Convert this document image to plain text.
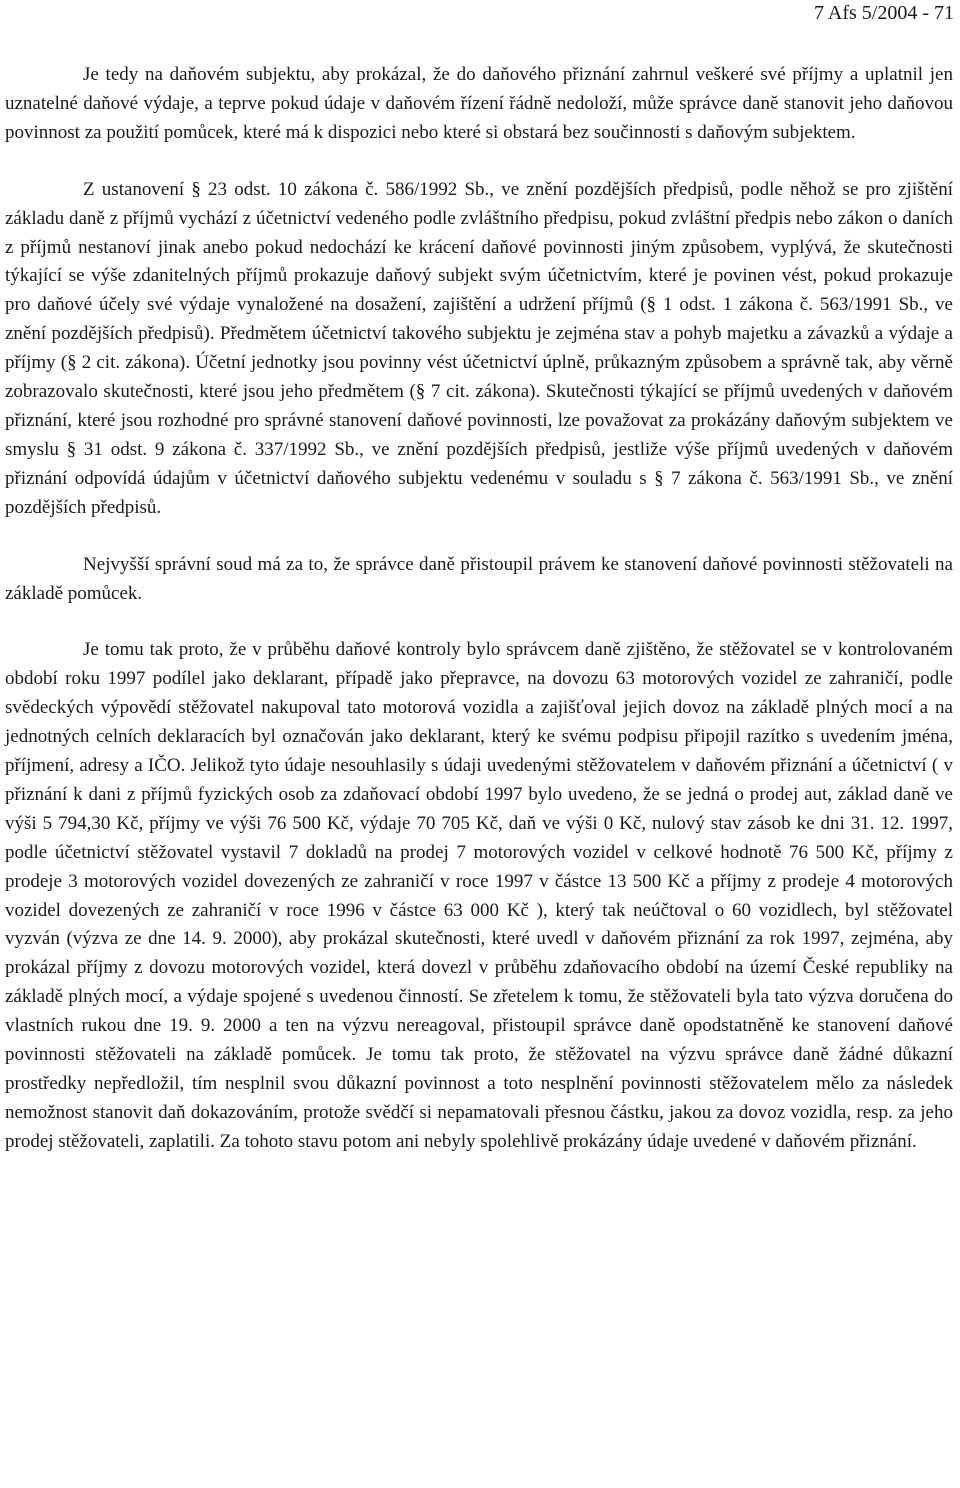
7 Afs 5/2004 - 71

Je tedy na daňovém subjektu, aby prokázal, že do daňového přiznání zahrnul veškeré své příjmy a uplatnil jen uznatelné daňové výdaje, a teprve pokud údaje v daňovém řízení řádně nedoloží, může správce daně stanovit jeho daňovou povinnost za použití pomůcek, které má k dispozici nebo které si obstará bez součinnosti s daňovým subjektem.

Z ustanovení § 23 odst. 10 zákona č. 586/1992 Sb., ve znění pozdějších předpisů, podle něhož se pro zjištění základu daně z příjmů vychází z účetnictví vedeného podle zvláštního předpisu, pokud zvláštní předpis nebo zákon o daních z příjmů nestanoví jinak anebo pokud nedochází ke krácení daňové povinnosti jiným způsobem, vyplývá, že skutečnosti týkající se výše zdanitelných příjmů prokazuje daňový subjekt svým účetnictvím, které je povinen vést, pokud prokazuje pro daňové účely své výdaje vynaložené na dosažení, zajištění a udržení příjmů (§ 1 odst. 1 zákona č. 563/1991 Sb., ve znění pozdějších předpisů). Předmětem účetnictví takového subjektu je zejména stav a pohyb majetku a závazků a výdaje a příjmy (§ 2 cit. zákona). Účetní jednotky jsou povinny vést účetnictví úplně, průkazným způsobem a správně tak, aby věrně zobrazovalo skutečnosti, které jsou jeho předmětem (§ 7 cit. zákona). Skutečnosti týkající se příjmů uvedených v daňovém přiznání, které jsou rozhodné pro správné stanovení daňové povinnosti, lze považovat za prokázány daňovým subjektem ve smyslu § 31 odst. 9 zákona č. 337/1992 Sb., ve znění pozdějších předpisů, jestliže výše příjmů uvedených v daňovém přiznání odpovídá údajům v účetnictví daňového subjektu vedenému v souladu s § 7 zákona č. 563/1991 Sb., ve znění pozdějších předpisů.

Nejvyšší správní soud má za to, že správce daně přistoupil právem ke stanovení daňové povinnosti stěžovateli na základě pomůcek.

Je tomu tak proto, že v průběhu daňové kontroly bylo správcem daně zjištěno, že stěžovatel se v kontrolovaném období roku 1997 podílel jako deklarant, případě jako přepravce, na dovozu 63 motorových vozidel ze zahraničí, podle svědeckých výpovědí stěžovatel nakupoval tato motorová vozidla a zajišťoval jejich dovoz na základě plných mocí a na jednotných celních deklaracích byl označován jako deklarant, který ke svému podpisu připojil razítko s uvedením jména, příjmení, adresy a IČO. Jelikož tyto údaje nesouhlasily s údaji uvedenými stěžovatelem v daňovém přiznání a účetnictví ( v přiznání k dani z příjmů fyzických osob za zdaňovací období 1997 bylo uvedeno, že se jedná o prodej aut, základ daně ve výši 5 794,30 Kč, příjmy ve výši 76 500 Kč, výdaje 70 705 Kč, daň ve výši 0 Kč, nulový stav zásob ke dni 31. 12. 1997, podle účetnictví stěžovatel vystavil 7 dokladů na prodej 7 motorových vozidel v celkové hodnotě 76 500 Kč, příjmy z prodeje 3 motorových vozidel dovezených ze zahraničí v roce 1997 v částce 13 500 Kč a příjmy z prodeje 4 motorových vozidel dovezených ze zahraničí v roce 1996 v částce 63 000 Kč ), který tak neúčtoval o 60 vozidlech, byl stěžovatel vyzván (výzva ze dne 14. 9. 2000), aby prokázal skutečnosti, které uvedl v daňovém přiznání za rok 1997, zejména, aby prokázal příjmy z dovozu motorových vozidel, která dovezl v průběhu zdaňovacího období na území České republiky na základě plných mocí, a výdaje spojené s uvedenou činností. Se zřetelem k tomu, že stěžovateli byla tato výzva doručena do vlastních rukou dne 19. 9. 2000 a ten na výzvu nereagoval, přistoupil správce daně opodstatněně ke stanovení daňové povinnosti stěžovateli na základě pomůcek. Je tomu tak proto, že stěžovatel na výzvu správce daně žádné důkazní prostředky nepředložil, tím nesplnil svou důkazní povinnost a toto nesplnění povinnosti stěžovatelem mělo za následek nemožnost stanovit daň dokazováním, protože svědčí si nepamatovali přesnou částku, jakou za dovoz vozidla, resp. za jeho prodej stěžovateli, zaplatili. Za tohoto stavu potom ani nebyly spolehlivě prokázány údaje uvedené v daňovém přiznání.
